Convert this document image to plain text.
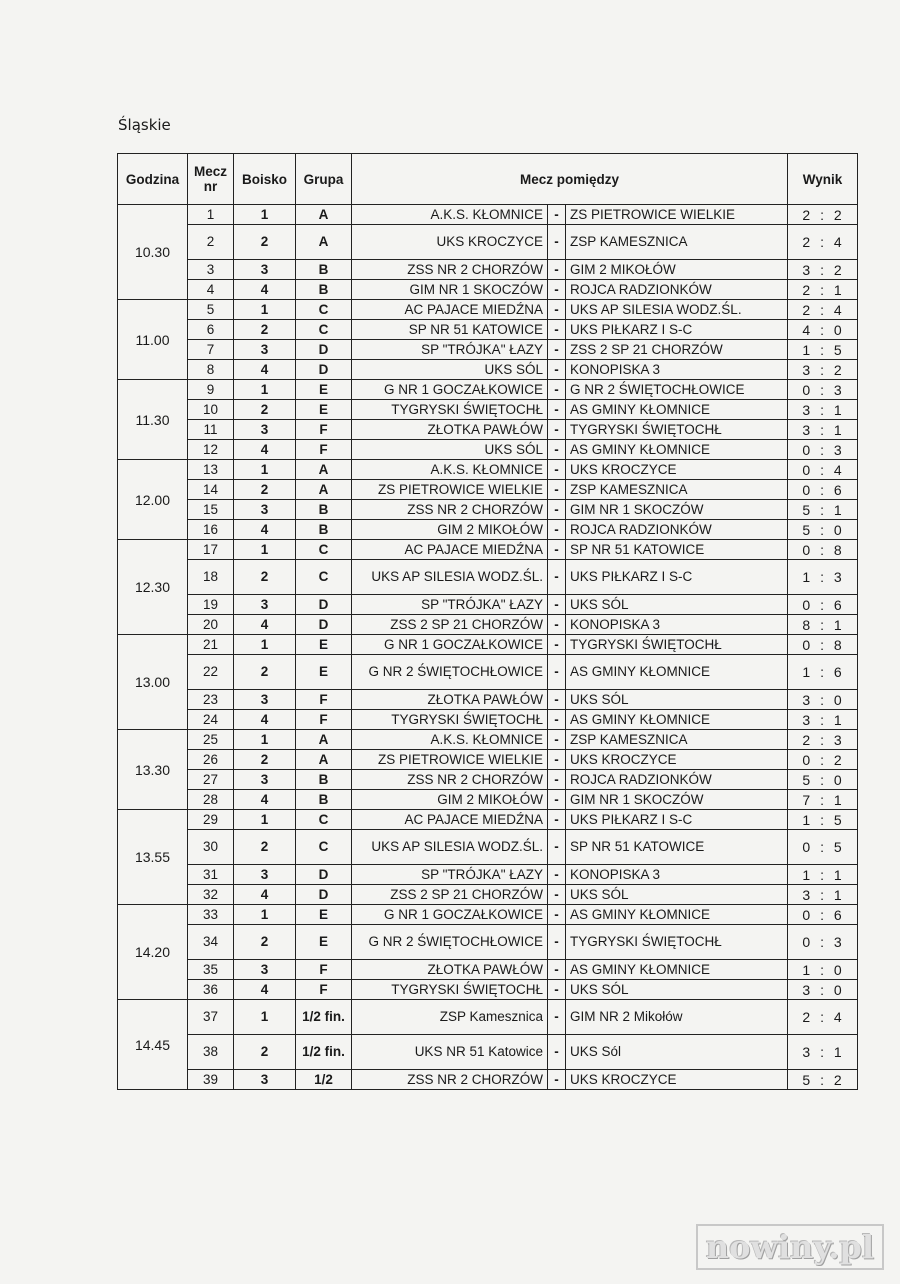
Śląskie
Godzina	Mecz nr	Boisko	Grupa	Mecz pomiędzy			Wynik
10.30	1	1	A	A.K.S. KŁOMNICE	-	ZS PIETROWICE WIELKIE	2 : 2
	2	2	A	UKS KROCZYCE	-	ZSP KAMESZNICA	2 : 4
	3	3	B	ZSS NR 2 CHORZÓW	-	GIM 2 MIKOŁÓW	3 : 2
	4	4	B	GIM NR 1 SKOCZÓW	-	ROJCA RADZIONKÓW	2 : 1
11.00	5	1	C	AC PAJACE MIEDŹNA	-	UKS AP SILESIA WODZ.ŚL.	2 : 4
	6	2	C	SP NR 51 KATOWICE	-	UKS PIŁKARZ I S-C	4 : 0
	7	3	D	SP "TRÓJKA" ŁAZY	-	ZSS 2 SP 21 CHORZÓW	1 : 5
	8	4	D	UKS SÓL	-	KONOPISKA 3	3 : 2
11.30	9	1	E	G NR 1 GOCZAŁKOWICE	-	G NR 2 ŚWIĘTOCHŁOWICE	0 : 3
	10	2	E	TYGRYSKI ŚWIĘTOCHŁ	-	AS GMINY KŁOMNICE	3 : 1
	11	3	F	ZŁOTKA PAWŁÓW	-	TYGRYSKI ŚWIĘTOCHŁ	3 : 1
	12	4	F	UKS SÓL	-	AS GMINY KŁOMNICE	0 : 3
12.00	13	1	A	A.K.S. KŁOMNICE	-	UKS KROCZYCE	0 : 4
	14	2	A	ZS PIETROWICE WIELKIE	-	ZSP KAMESZNICA	0 : 6
	15	3	B	ZSS NR 2 CHORZÓW	-	GIM NR 1 SKOCZÓW	5 : 1
	16	4	B	GIM 2 MIKOŁÓW	-	ROJCA RADZIONKÓW	5 : 0
12.30	17	1	C	AC PAJACE MIEDŹNA	-	SP NR 51 KATOWICE	0 : 8
	18	2	C	UKS AP SILESIA WODZ.ŚL.	-	UKS PIŁKARZ I S-C	1 : 3
	19	3	D	SP "TRÓJKA" ŁAZY	-	UKS SÓL	0 : 6
	20	4	D	ZSS 2 SP 21 CHORZÓW	-	KONOPISKA 3	8 : 1
13.00	21	1	E	G NR 1 GOCZAŁKOWICE	-	TYGRYSKI ŚWIĘTOCHŁ	0 : 8
	22	2	E	G NR 2 ŚWIĘTOCHŁOWICE	-	AS GMINY KŁOMNICE	1 : 6
	23	3	F	ZŁOTKA PAWŁÓW	-	UKS SÓL	3 : 0
	24	4	F	TYGRYSKI ŚWIĘTOCHŁ	-	AS GMINY KŁOMNICE	3 : 1
13.30	25	1	A	A.K.S. KŁOMNICE	-	ZSP KAMESZNICA	2 : 3
	26	2	A	ZS PIETROWICE WIELKIE	-	UKS KROCZYCE	0 : 2
	27	3	B	ZSS NR 2 CHORZÓW	-	ROJCA RADZIONKÓW	5 : 0
	28	4	B	GIM 2 MIKOŁÓW	-	GIM NR 1 SKOCZÓW	7 : 1
13.55	29	1	C	AC PAJACE MIEDŹNA	-	UKS PIŁKARZ I S-C	1 : 5
	30	2	C	UKS AP SILESIA WODZ.ŚL.	-	SP NR 51 KATOWICE	0 : 5
	31	3	D	SP "TRÓJKA" ŁAZY	-	KONOPISKA 3	1 : 1
	32	4	D	ZSS 2 SP 21 CHORZÓW	-	UKS SÓL	3 : 1
14.20	33	1	E	G NR 1 GOCZAŁKOWICE	-	AS GMINY KŁOMNICE	0 : 6
	34	2	E	G NR 2 ŚWIĘTOCHŁOWICE	-	TYGRYSKI ŚWIĘTOCHŁ	0 : 3
	35	3	F	ZŁOTKA PAWŁÓW	-	AS GMINY KŁOMNICE	1 : 0
	36	4	F	TYGRYSKI ŚWIĘTOCHŁ	-	UKS SÓL	3 : 0
14.45	37	1	1/2 fin.	ZSP Kamesznica	-	GIM NR 2 Mikołów	2 : 4
	38	2	1/2 fin.	UKS NR 51 Katowice	-	UKS Sól	3 : 1
	39	3	1/2	ZSS NR 2 CHORZÓW	-	UKS KROCZYCE	5 : 2
nowiny.pl
